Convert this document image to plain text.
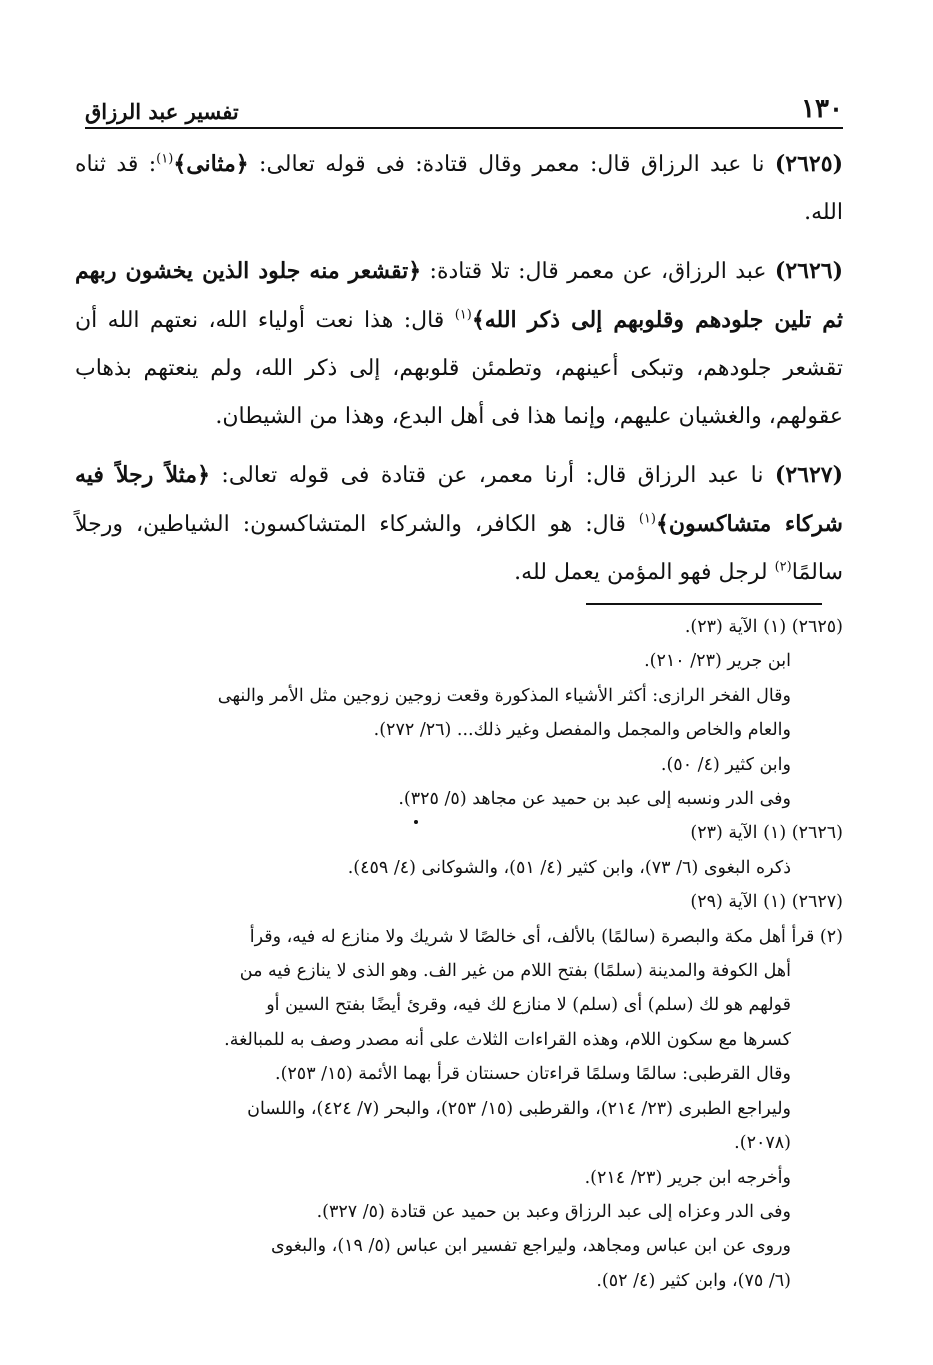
تفسير عبد الرزاق	١٣٠

(٢٦٢٥) نا عبد الرزاق قال: معمر وقال قتادة: فى قوله تعالى: ﴿مثانى﴾$^{(١)}$: قد ثناه الله.

(٢٦٢٦) عبد الرزاق، عن معمر قال: تلا قتادة: ﴿تقشعر منه جلود الذين يخشون ربهم ثم تلين جلودهم وقلوبهم إلى ذكر الله﴾$^{(١)}$ قال: هذا نعت أولياء الله، نعتهم الله أن تقشعر جلودهم، وتبكى أعينهم، وتطمئن قلوبهم، إلى ذكر الله، ولم ينعتهم بذهاب عقولهم، والغشيان عليهم، وإنما هذا فى أهل البدع، وهذا من الشيطان.

(٢٦٢٧) نا عبد الرزاق قال: أرنا معمر، عن قتادة فى قوله تعالى: ﴿مثلاً رجلاً فيه شركاء متشاكسون﴾$^{(١)}$ قال: هو الكافر، والشركاء المتشاكسون: الشياطين، ورجلاً سالمًا$^{(٢)}$ لرجل فهو المؤمن يعمل لله.

(٢٦٢٥) (١) الآية (٢٣).
ابن جرير (٢٣/ ٢١٠).
وقال الفخر الرازى: أكثر الأشياء المذكورة وقعت زوجين زوجين مثل الأمر والنهى
والعام والخاص والمجمل والمفصل وغير ذلك... (٢٦/ ٢٧٢).
وابن كثير (٤/ ٥٠).
وفى الدر ونسبه إلى عبد بن حميد عن مجاهد (٥/ ٣٢٥).
(٢٦٢٦) (١) الآية (٢٣)
ذكره البغوى (٦/ ٧٣)، وابن كثير (٤/ ٥١)، والشوكانى (٤/ ٤٥٩).
(٢٦٢٧) (١) الآية (٢٩)
(٢) قرأ أهل مكة والبصرة (سالمًا) بالألف، أى خالصًا لا شريك ولا منازع له فيه، وقرأ
أهل الكوفة والمدينة (سلمًا) بفتح اللام من غير الف. وهو الذى لا ينازع فيه من
قولهم هو لك (سلم) أى (سلم) لا منازع لك فيه، وقرئ أيضًا بفتح السين أو
كسرها مع سكون اللام، وهذه القراءات الثلاث على أنه مصدر وصف به للمبالغة.
وقال القرطبى: سالمًا وسلمًا قراءتان حسنتان قرأ بهما الأئمة (١٥/ ٢٥٣).
وليراجع الطبرى (٢٣/ ٢١٤)، والقرطبى (١٥/ ٢٥٣)، والبحر (٧/ ٤٢٤)، واللسان
(٢٠٧٨).
وأخرجه ابن جرير (٢٣/ ٢١٤).
وفى الدر وعزاه إلى عبد الرزاق وعبد بن حميد عن قتادة (٥/ ٣٢٧).
وروى عن ابن عباس ومجاهد، وليراجع تفسير ابن عباس (٥/ ١٩)، والبغوى
(٦/ ٧٥)، وابن كثير (٤/ ٥٢).
